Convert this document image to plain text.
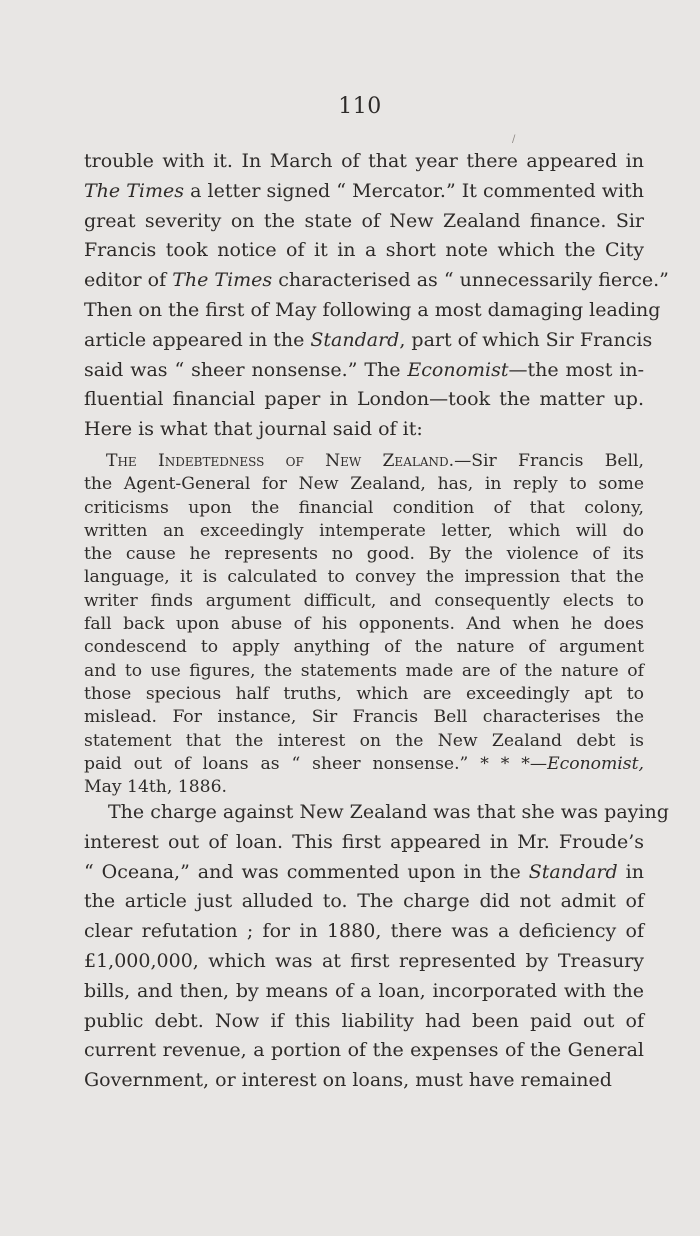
110
/
trouble with it. In March of that year there appeared in
The Times a letter signed “ Mercator.” It commented with
great severity on the state of New Zealand finance. Sir
Francis took notice of it in a short note which the City
editor of The Times characterised as “ unnecessarily fierce.”
Then on the first of May following a most damaging leading
article appeared in the Standard, part of which Sir Francis
said was “ sheer nonsense.” The Economist—the most in-
fluential financial paper in London—took the matter up.
Here is what that journal said of it:
The Indebtedness of New Zealand.—Sir Francis Bell,
the Agent-General for New Zealand, has, in reply to some
criticisms upon the financial condition of that colony,
written an exceedingly intemperate letter, which will do
the cause he represents no good. By the violence of its
language, it is calculated to convey the impression that the
writer finds argument difficult, and consequently elects to
fall back upon abuse of his opponents. And when he does
condescend to apply anything of the nature of argument
and to use figures, the statements made are of the nature of
those specious half truths, which are exceedingly apt to
mislead. For instance, Sir Francis Bell characterises the
statement that the interest on the New Zealand debt is
paid out of loans as “ sheer nonsense.” * * *—Economist,
May 14th, 1886.
The charge against New Zealand was that she was paying
interest out of loan. This first appeared in Mr. Froude’s
“ Oceana,” and was commented upon in the Standard in
the article just alluded to. The charge did not admit of
clear refutation ; for in 1880, there was a deficiency of
£1,000,000, which was at first represented by Treasury
bills, and then, by means of a loan, incorporated with the
public debt. Now if this liability had been paid out of
current revenue, a portion of the expenses of the General
Government, or interest on loans, must have remained
